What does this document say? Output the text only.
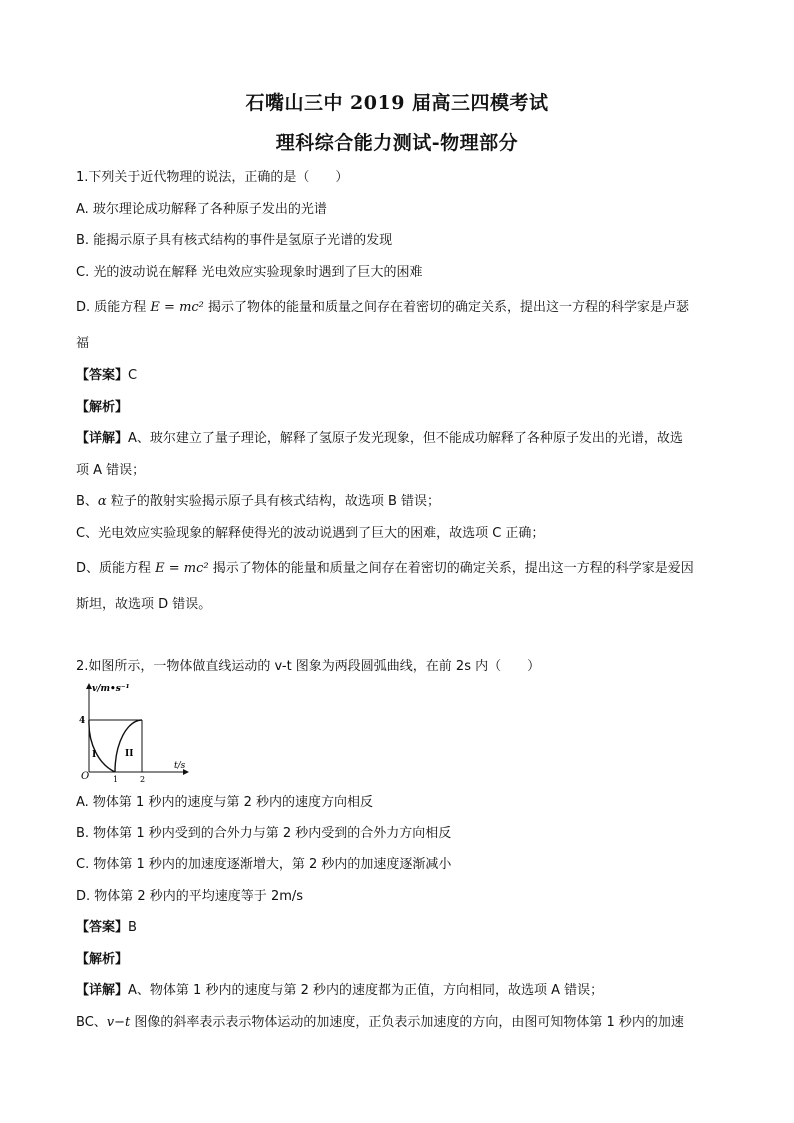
石嘴山三中 2019 届高三四模考试
理科综合能力测试-物理部分
1.下列关于近代物理的说法，正确的是（　　）
A. 玻尔理论成功解释了各种原子发出的光谱
B. 能揭示原子具有核式结构的事件是氢原子光谱的发现
C. 光的波动说在解释 光电效应实验现象时遇到了巨大的困难
D. 质能方程 E = mc² 揭示了物体的能量和质量之间存在着密切的确定关系，提出这一方程的科学家是卢瑟
福
【答案】C
【解析】
【详解】A、玻尔建立了量子理论，解释了氢原子发光现象，但不能成功解释了各种原子发出的光谱，故选
项 A 错误；
B、α 粒子的散射实验揭示原子具有核式结构，故选项 B 错误；
C、光电效应实验现象的解释使得光的波动说遇到了巨大的困难，故选项 C 正确；
D、质能方程 E = mc² 揭示了物体的能量和质量之间存在着密切的确定关系，提出这一方程的科学家是爱因
斯坦，故选项 D 错误。
2.如图所示，一物体做直线运动的 v-t 图象为两段圆弧曲线，在前 2s 内（　　）
v/m•s⁻¹
t/s
4
O	1	2
I	II
A. 物体第 1 秒内的速度与第 2 秒内的速度方向相反
B. 物体第 1 秒内受到的合外力与第 2 秒内受到的合外力方向相反
C. 物体第 1 秒内的加速度逐渐增大，第 2 秒内的加速度逐渐减小
D. 物体第 2 秒内的平均速度等于 2m/s
【答案】B
【解析】
【详解】A、物体第 1 秒内的速度与第 2 秒内的速度都为正值，方向相同，故选项 A 错误；
BC、v−t 图像的斜率表示表示物体运动的加速度，正负表示加速度的方向，由图可知物体第 1 秒内的加速
